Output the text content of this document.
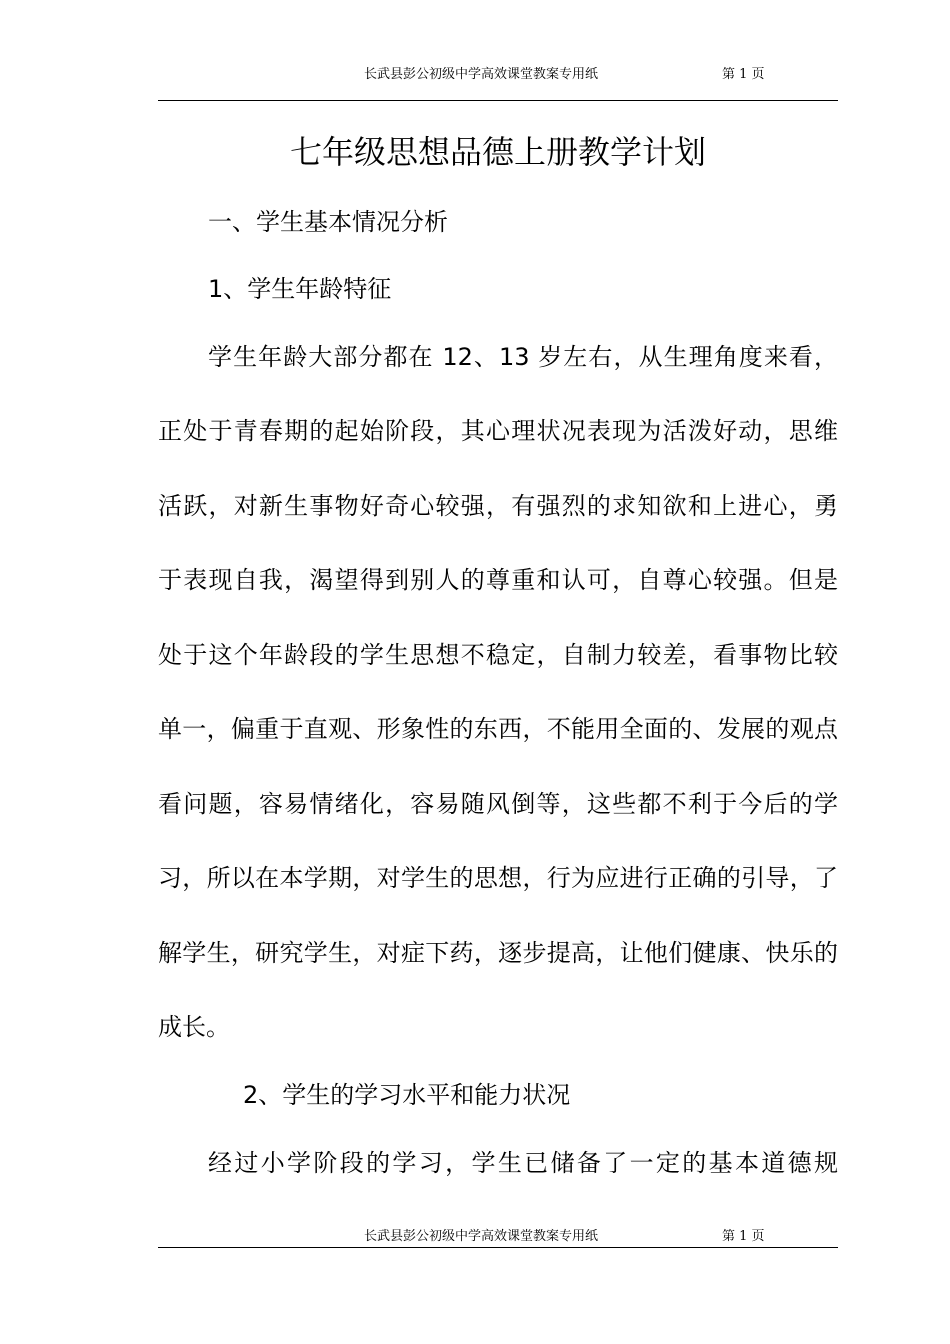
长武县彭公初级中学高效课堂教案专用纸	第 1 页
七年级思想品德上册教学计划
一、学生基本情况分析
1、学生年龄特征
学生年龄大部分都在 12、13 岁左右，从生理角度来看，
正处于青春期的起始阶段，其心理状况表现为活泼好动，思维
活跃，对新生事物好奇心较强，有强烈的求知欲和上进心，勇
于表现自我，渴望得到别人的尊重和认可，自尊心较强。但是
处于这个年龄段的学生思想不稳定，自制力较差，看事物比较
单一，偏重于直观、形象性的东西，不能用全面的、发展的观点
看问题，容易情绪化，容易随风倒等，这些都不利于今后的学
习，所以在本学期，对学生的思想，行为应进行正确的引导，了
解学生，研究学生，对症下药，逐步提高，让他们健康、快乐的
成长。
2、学生的学习水平和能力状况
经过小学阶段的学习，学生已储备了一定的基本道德规
长武县彭公初级中学高效课堂教案专用纸	第 1 页
